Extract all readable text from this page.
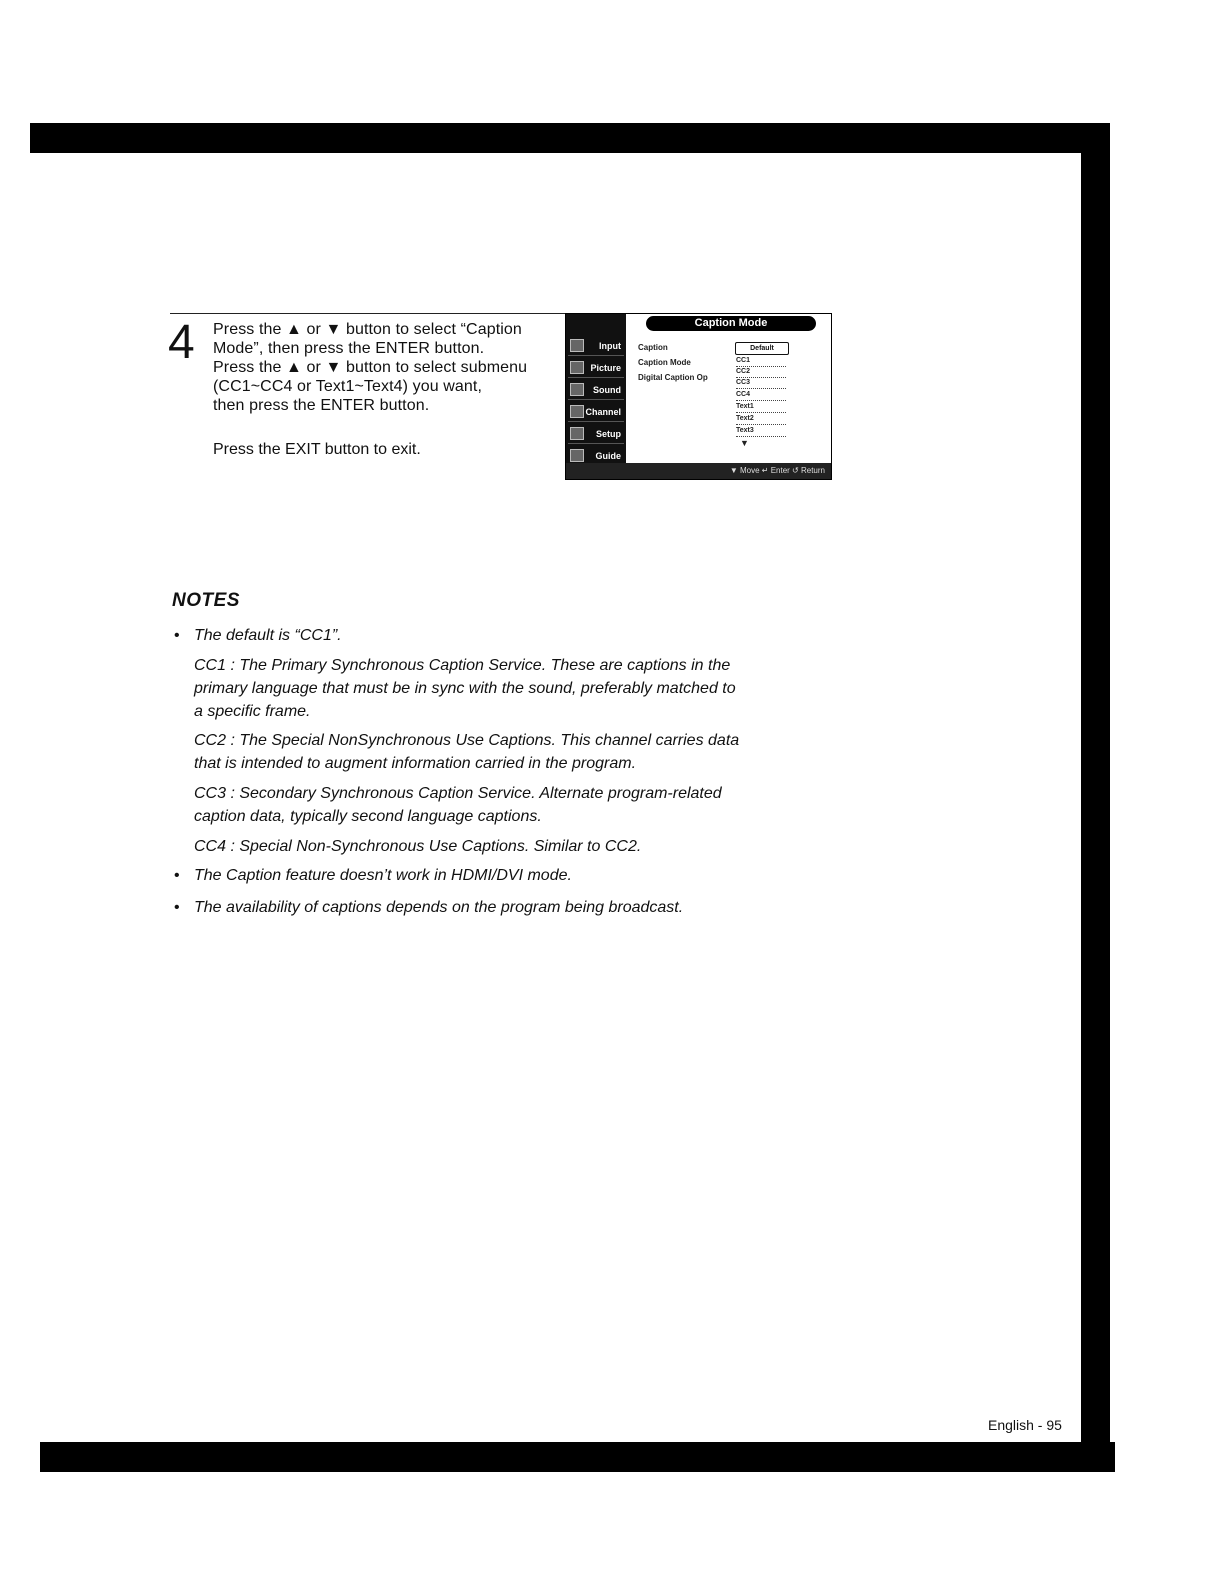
4	Press the ▲ or ▼ button to select “Caption

Mode”, then press the ENTER button.

Press the ▲ or ▼ button to select submenu

(CC1~CC4 or Text1~Text4) you want,

then press the ENTER button.

Press the EXIT button to exit.
Input
Picture
Sound
Channel
Setup
Guide
Caption Mode
Caption
Caption Mode
Digital Caption Op
Default
CC1
CC2
CC3
CC4
Text1
Text2
Text3
▼
▼ Move ↵ Enter ↺ Return
NOTES
• The default is “CC1”.
CC1 : The Primary Synchronous Caption Service. These are captions in the
primary language that must be in sync with the sound, preferably matched to
a specific frame.
CC2 : The Special NonSynchronous Use Captions. This channel carries data
that is intended to augment information carried in the program.
CC3 : Secondary Synchronous Caption Service. Alternate program-related
caption data, typically second language captions.
CC4 : Special Non-Synchronous Use Captions. Similar to CC2.
• The Caption feature doesn’t work in HDMI/DVI mode.
• The availability of captions depends on the program being broadcast.
English - 95
